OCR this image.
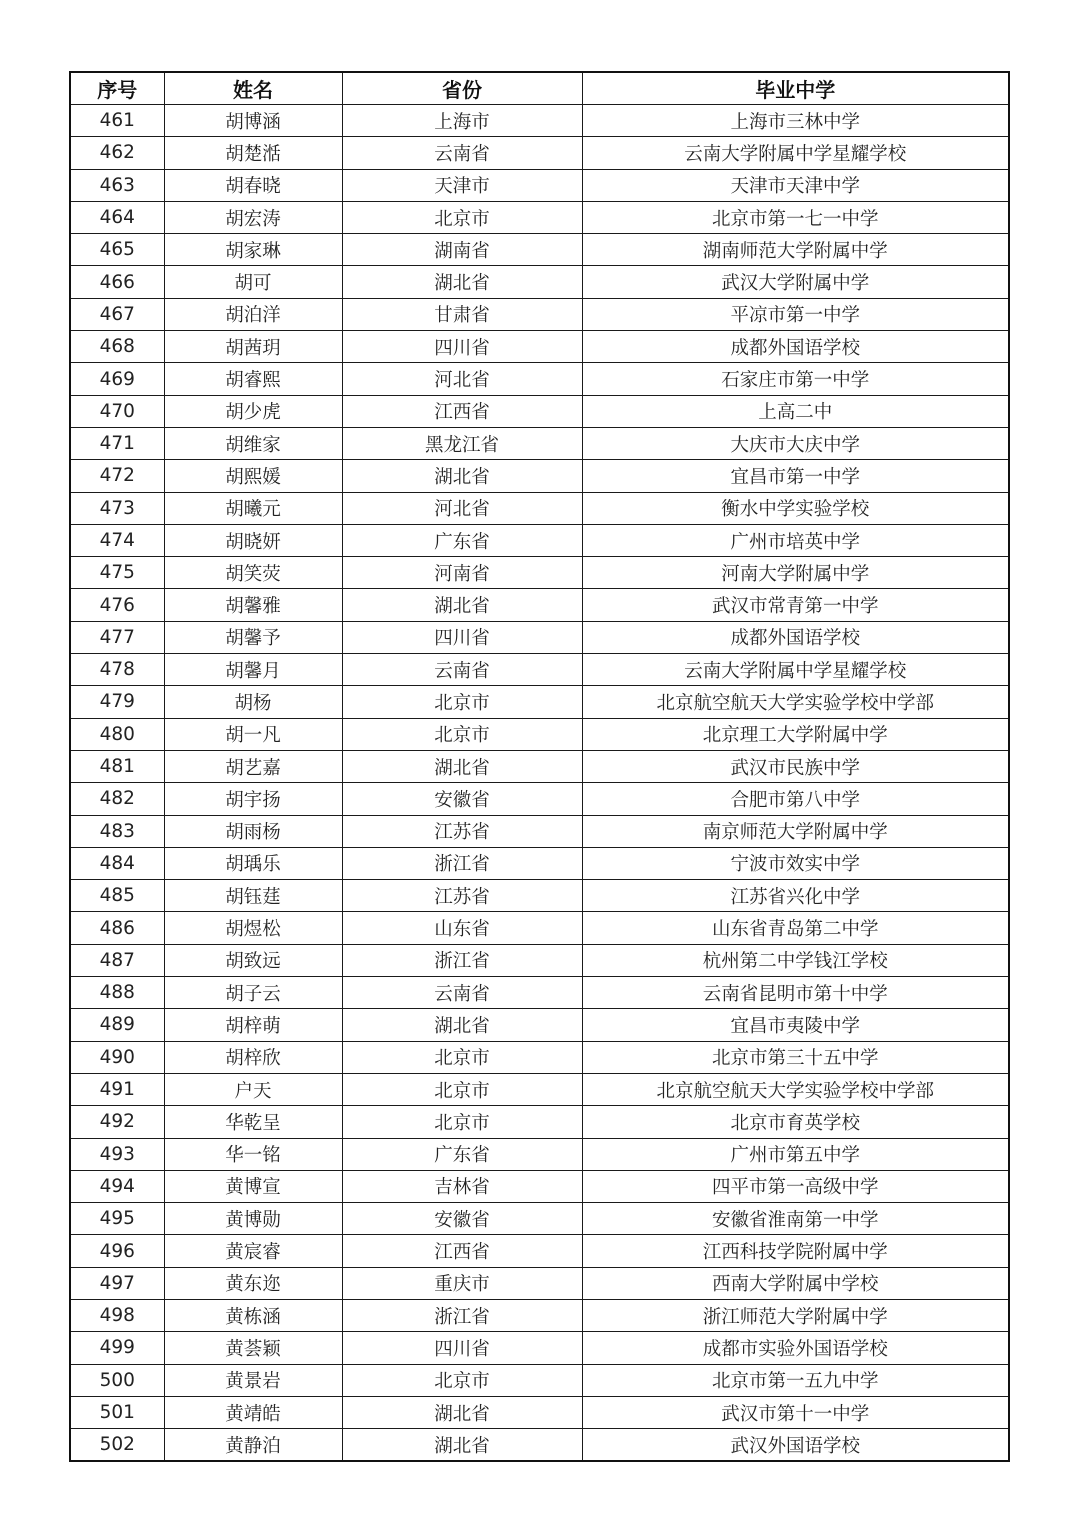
序号	姓名	省份	毕业中学
461	胡博涵	上海市	上海市三林中学
462	胡楚湉	云南省	云南大学附属中学星耀学校
463	胡春晓	天津市	天津市天津中学
464	胡宏涛	北京市	北京市第一七一中学
465	胡家琳	湖南省	湖南师范大学附属中学
466	胡可	湖北省	武汉大学附属中学
467	胡泊洋	甘肃省	平凉市第一中学
468	胡茜玥	四川省	成都外国语学校
469	胡睿熙	河北省	石家庄市第一中学
470	胡少虎	江西省	上高二中
471	胡维家	黑龙江省	大庆市大庆中学
472	胡熙媛	湖北省	宜昌市第一中学
473	胡曦元	河北省	衡水中学实验学校
474	胡晓妍	广东省	广州市培英中学
475	胡笑荧	河南省	河南大学附属中学
476	胡馨雅	湖北省	武汉市常青第一中学
477	胡馨予	四川省	成都外国语学校
478	胡馨月	云南省	云南大学附属中学星耀学校
479	胡杨	北京市	北京航空航天大学实验学校中学部
480	胡一凡	北京市	北京理工大学附属中学
481	胡艺嘉	湖北省	武汉市民族中学
482	胡宇扬	安徽省	合肥市第八中学
483	胡雨杨	江苏省	南京师范大学附属中学
484	胡瑀乐	浙江省	宁波市效实中学
485	胡钰莛	江苏省	江苏省兴化中学
486	胡煜松	山东省	山东省青岛第二中学
487	胡致远	浙江省	杭州第二中学钱江学校
488	胡子云	云南省	云南省昆明市第十中学
489	胡梓萌	湖北省	宜昌市夷陵中学
490	胡梓欣	北京市	北京市第三十五中学
491	户天	北京市	北京航空航天大学实验学校中学部
492	华乾呈	北京市	北京市育英学校
493	华一铭	广东省	广州市第五中学
494	黄博宣	吉林省	四平市第一高级中学
495	黄博勋	安徽省	安徽省淮南第一中学
496	黄宸睿	江西省	江西科技学院附属中学
497	黄东迩	重庆市	西南大学附属中学校
498	黄栋涵	浙江省	浙江师范大学附属中学
499	黄荟颖	四川省	成都市实验外国语学校
500	黄景岩	北京市	北京市第一五九中学
501	黄靖皓	湖北省	武汉市第十一中学
502	黄静泊	湖北省	武汉外国语学校
